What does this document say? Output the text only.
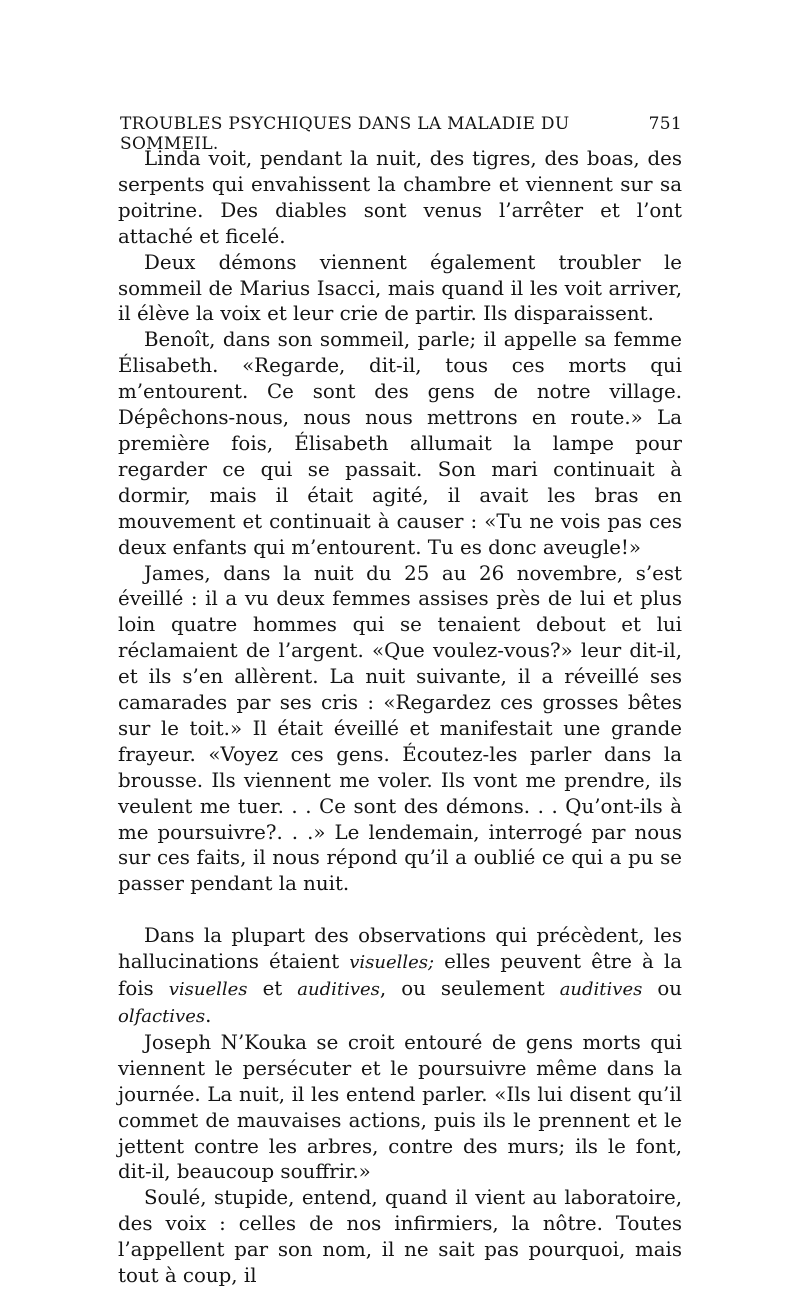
TROUBLES PSYCHIQUES DANS LA MALADIE DU SOMMEIL.
751

Linda voit, pendant la nuit, des tigres, des boas, des serpents qui envahissent la chambre et viennent sur sa poitrine. Des diables sont venus l’arrêter et l’ont attaché et ficelé.

Deux démons viennent également troubler le sommeil de Marius Isacci, mais quand il les voit arriver, il élève la voix et leur crie de partir. Ils disparaissent.

Benoît, dans son sommeil, parle; il appelle sa femme Élisabeth. «Regarde, dit-il, tous ces morts qui m’entourent. Ce sont des gens de notre village. Dépêchons-nous, nous nous mettrons en route.» La première fois, Élisabeth allumait la lampe pour regarder ce qui se passait. Son mari continuait à dormir, mais il était agité, il avait les bras en mouvement et continuait à causer : «Tu ne vois pas ces deux enfants qui m’entourent. Tu es donc aveugle!»

James, dans la nuit du 25 au 26 novembre, s’est éveillé : il a vu deux femmes assises près de lui et plus loin quatre hommes qui se tenaient debout et lui réclamaient de l’argent. «Que voulez-vous?» leur dit-il, et ils s’en allèrent. La nuit suivante, il a réveillé ses camarades par ses cris : «Regardez ces grosses bêtes sur le toit.» Il était éveillé et manifestait une grande frayeur. «Voyez ces gens. Écoutez-les parler dans la brousse. Ils viennent me voler. Ils vont me prendre, ils veulent me tuer. . . Ce sont des démons. . . Qu’ont-ils à me poursuivre?. . .» Le lendemain, interrogé par nous sur ces faits, il nous répond qu’il a oublié ce qui a pu se passer pendant la nuit.

Dans la plupart des observations qui précèdent, les hallucinations étaient visuelles; elles peuvent être à la fois visuelles et auditives, ou seulement auditives ou olfactives.

Joseph N’Kouka se croit entouré de gens morts qui viennent le persécuter et le poursuivre même dans la journée. La nuit, il les entend parler. «Ils lui disent qu’il commet de mauvaises actions, puis ils le prennent et le jettent contre les arbres, contre des murs; ils le font, dit-il, beaucoup souffrir.»

Soulé, stupide, entend, quand il vient au laboratoire, des voix : celles de nos infirmiers, la nôtre. Toutes l’appellent par son nom, il ne sait pas pourquoi, mais tout à coup, il
